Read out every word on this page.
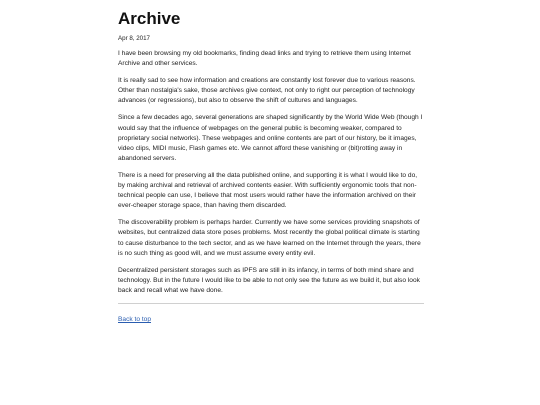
Archive
Apr 8, 2017

I have been browsing my old bookmarks, finding dead links and trying to retrieve them using Internet Archive and other services.

It is really sad to see how information and creations are constantly lost forever due to various reasons. Other than nostalgia's sake, those archives give context, not only to right our perception of technology advances (or regressions), but also to observe the shift of cultures and languages.

Since a few decades ago, several generations are shaped significantly by the World Wide Web (though I would say that the influence of webpages on the general public is becoming weaker, compared to proprietary social networks). These webpages and online contents are part of our history, be it images, video clips, MIDI music, Flash games etc. We cannot afford these vanishing or (bit)rotting away in abandoned servers.

There is a need for preserving all the data published online, and supporting it is what I would like to do, by making archival and retrieval of archived contents easier. With sufficiently ergonomic tools that non-technical people can use, I believe that most users would rather have the information archived on their ever-cheaper storage space, than having them discarded.

The discoverability problem is perhaps harder. Currently we have some services providing snapshots of websites, but centralized data store poses problems. Most recently the global political climate is starting to cause disturbance to the tech sector, and as we have learned on the Internet through the years, there is no such thing as good will, and we must assume every entity evil.

Decentralized persistent storages such as IPFS are still in its infancy, in terms of both mind share and technology. But in the future I would like to be able to not only see the future as we build it, but also look back and recall what we have done.

Back to top
